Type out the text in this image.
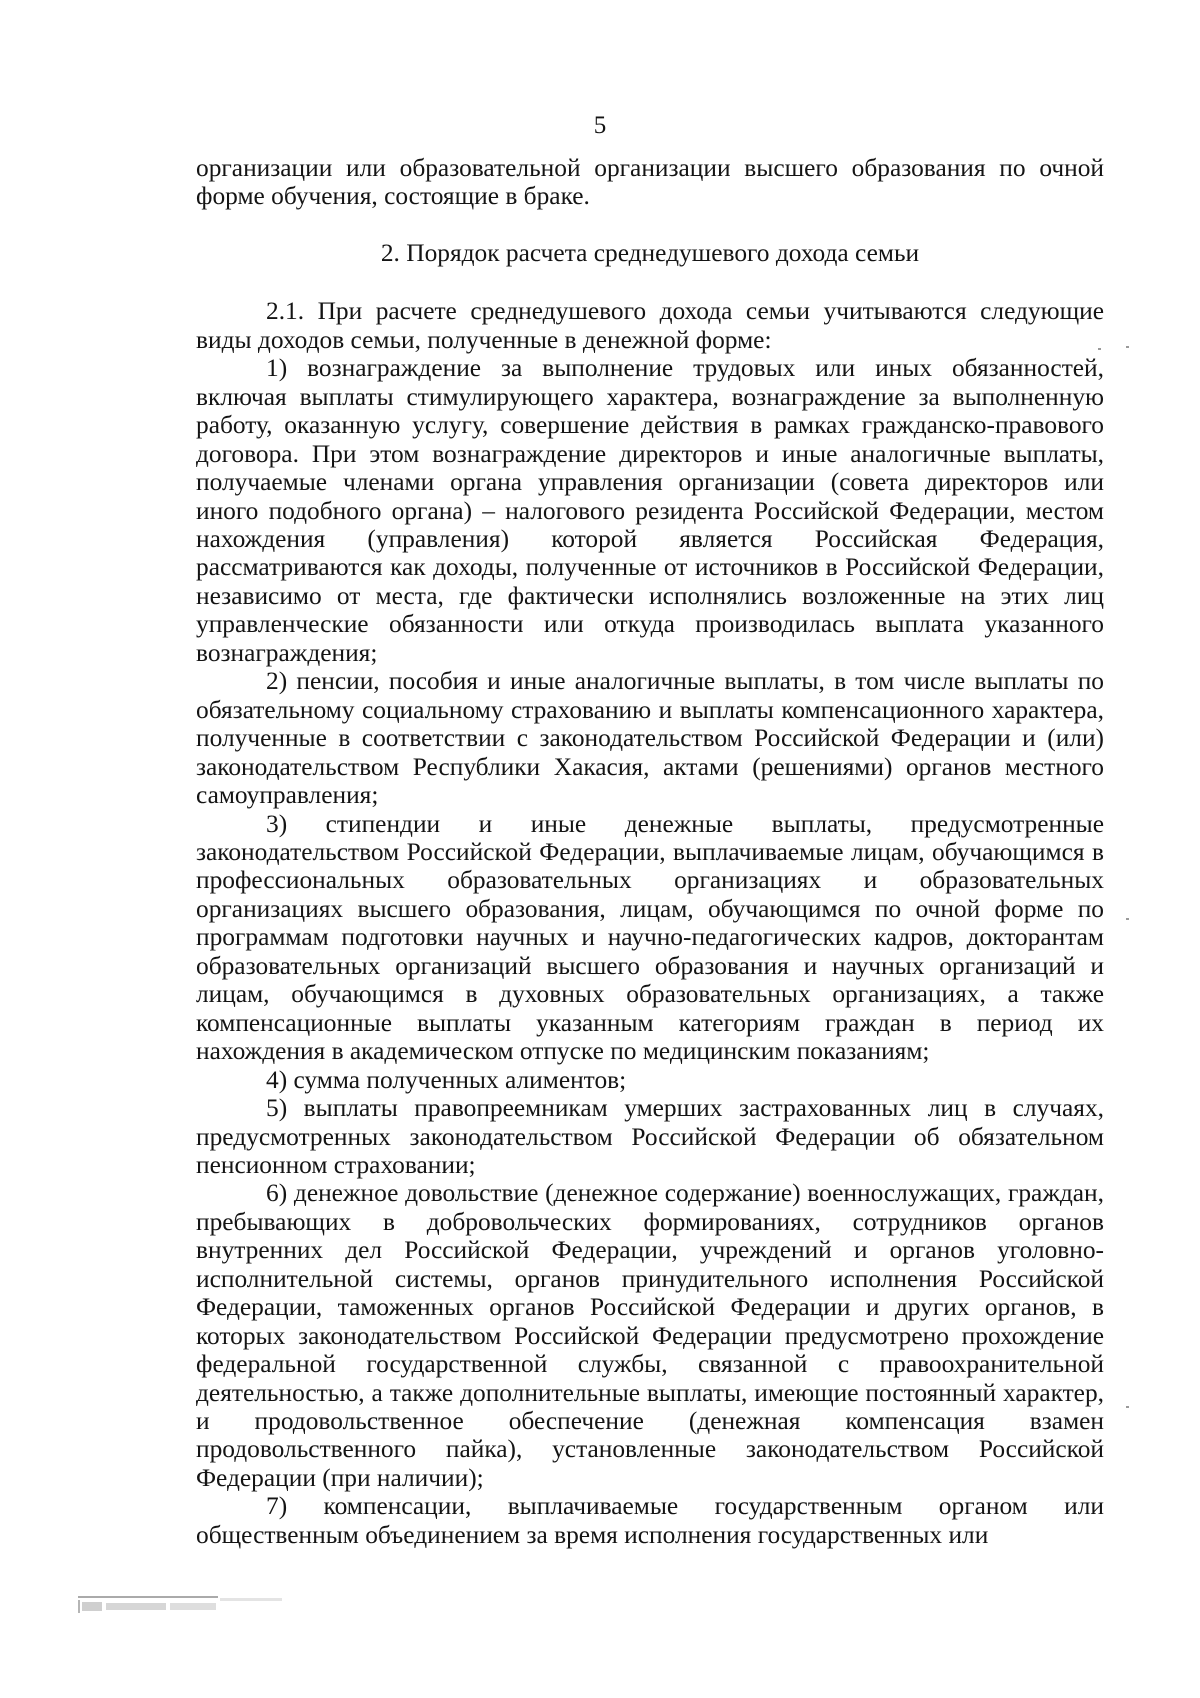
5

организации или образовательной организации высшего образования по очной форме обучения, состоящие в браке.

2. Порядок расчета среднедушевого дохода семьи

2.1. При расчете среднедушевого дохода семьи учитываются следующие виды доходов семьи, полученные в денежной форме:

1) вознаграждение за выполнение трудовых или иных обязанностей, включая выплаты стимулирующего характера, вознаграждение за выполненную работу, оказанную услугу, совершение действия в рамках гражданско-правового договора. При этом вознаграждение директоров и иные аналогичные выплаты, получаемые членами органа управления организации (совета директоров или иного подобного органа) – налогового резидента Российской Федерации, местом нахождения (управления) которой является Российская Федерация, рассматриваются как доходы, полученные от источников в Российской Федерации, независимо от места, где фактически исполнялись возложенные на этих лиц управленческие обязанности или откуда производилась выплата указанного вознаграждения;

2) пенсии, пособия и иные аналогичные выплаты, в том числе выплаты по обязательному социальному страхованию и выплаты компенсационного характера, полученные в соответствии с законодательством Российской Федерации и (или) законодательством Республики Хакасия, актами (решениями) органов местного самоуправления;

3) стипендии и иные денежные выплаты, предусмотренные законодательством Российской Федерации, выплачиваемые лицам, обучающимся в профессиональных образовательных организациях и образовательных организациях высшего образования, лицам, обучающимся по очной форме по программам подготовки научных и научно-педагогических кадров, докторантам образовательных организаций высшего образования и научных организаций и лицам, обучающимся в духовных образовательных организациях, а также компенсационные выплаты указанным категориям граждан в период их нахождения в академическом отпуске по медицинским показаниям;

4) сумма полученных алиментов;

5) выплаты правопреемникам умерших застрахованных лиц в случаях, предусмотренных законодательством Российской Федерации об обязательном пенсионном страховании;

6) денежное довольствие (денежное содержание) военнослужащих, граждан, пребывающих в добровольческих формированиях, сотрудников органов внутренних дел Российской Федерации, учреждений и органов уголовно-исполнительной системы, органов принудительного исполнения Российской Федерации, таможенных органов Российской Федерации и других органов, в которых законодательством Российской Федерации предусмотрено прохождение федеральной государственной службы, связанной с правоохранительной деятельностью, а также дополнительные выплаты, имеющие постоянный характер, и продовольственное обеспечение (денежная компенсация взамен продовольственного пайка), установленные законодательством Российской Федерации (при наличии);

7) компенсации, выплачиваемые государственным органом или общественным объединением за время исполнения государственных или
